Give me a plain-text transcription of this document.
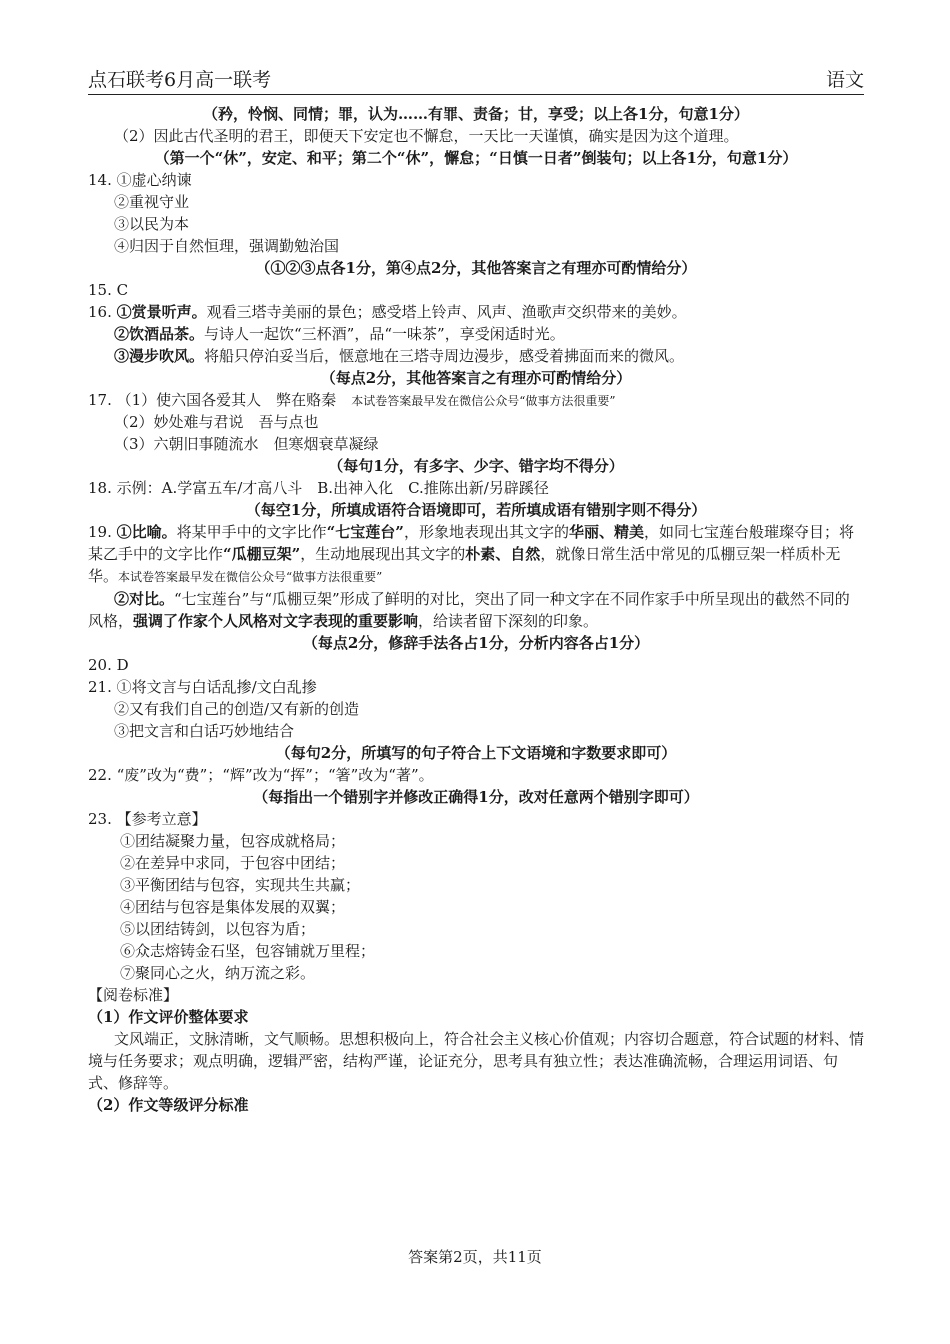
点石联考6月高一联考	语文
（矜，怜悯、同情；罪，认为……有罪、责备；甘，享受；以上各1分，句意1分）
（2）因此古代圣明的君王，即便天下安定也不懈怠，一天比一天谨慎，确实是因为这个道理。
（第一个“休”，安定、和平；第二个“休”，懈怠；“日慎一日者”倒装句；以上各1分，句意1分）
14. ①虚心纳谏
②重视守业
③以民为本
④归因于自然恒理，强调勤勉治国
（①②③点各1分，第④点2分，其他答案言之有理亦可酌情给分）
15. C
16. ①赏景听声。观看三塔寺美丽的景色；感受塔上铃声、风声、渔歌声交织带来的美妙。
②饮酒品茶。与诗人一起饮“三杯酒”，品“一味茶”，享受闲适时光。
③漫步吹风。将船只停泊妥当后，惬意地在三塔寺周边漫步，感受着拂面而来的微风。
（每点2分，其他答案言之有理亦可酌情给分）
17. （1）使六国各爱其人　弊在赂秦　 本试卷答案最早发在微信公众号“做事方法很重要”
（2）妙处难与君说　吾与点也
（3）六朝旧事随流水　但寒烟衰草凝绿
（每句1分，有多字、少字、错字均不得分）
18. 示例：A.学富五车/才高八斗　B.出神入化　C.推陈出新/另辟蹊径
（每空1分，所填成语符合语境即可，若所填成语有错别字则不得分）
19. ①比喻。将某甲手中的文字比作“七宝莲台”，形象地表现出其文字的华丽、精美，如同七宝莲台般璀璨夺目；将某乙手中的文字比作“瓜棚豆架”，生动地展现出其文字的朴素、自然，就像日常生活中常见的瓜棚豆架一样质朴无华。本试卷答案最早发在微信公众号“做事方法很重要”
②对比。“七宝莲台”与“瓜棚豆架”形成了鲜明的对比，突出了同一种文字在不同作家手中所呈现出的截然不同的风格，强调了作家个人风格对文字表现的重要影响，给读者留下深刻的印象。
（每点2分，修辞手法各占1分，分析内容各占1分）
20. D
21. ①将文言与白话乱掺/文白乱掺
②又有我们自己的创造/又有新的创造
③把文言和白话巧妙地结合
（每句2分，所填写的句子符合上下文语境和字数要求即可）
22. “废”改为“费”；“辉”改为“挥”；“箸”改为“著”。
（每指出一个错别字并修改正确得1分，改对任意两个错别字即可）
23. 【参考立意】
①团结凝聚力量，包容成就格局；
②在差异中求同，于包容中团结；
③平衡团结与包容，实现共生共赢；
④团结与包容是集体发展的双翼；
⑤以团结铸剑，以包容为盾；
⑥众志熔铸金石坚，包容铺就万里程；
⑦聚同心之火，纳万流之彩。
【阅卷标准】
（1）作文评价整体要求
文风端正，文脉清晰，文气顺畅。思想积极向上，符合社会主义核心价值观；内容切合题意，符合试题的材料、情境与任务要求；观点明确，逻辑严密，结构严谨，论证充分，思考具有独立性；表达准确流畅，合理运用词语、句式、修辞等。
（2）作文等级评分标准
答案第2页，共11页
